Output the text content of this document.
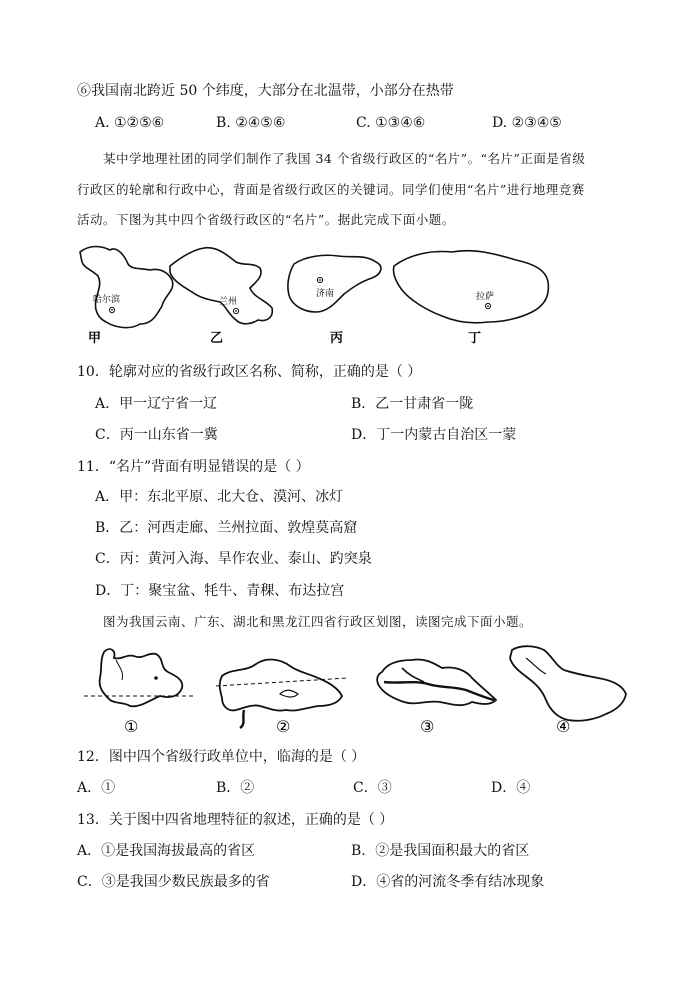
⑥我国南北跨近 50 个纬度，大部分在北温带，小部分在热带
A. ①②⑤⑥	B. ②④⑤⑥	C. ①③④⑥	D. ②③④⑤
某中学地理社团的同学们制作了我国 34 个省级行政区的“名片”。“名片”正面是省级
行政区的轮廓和行政中心，背面是省级行政区的关键词。同学们使用“名片”进行地理竞赛
活动。下图为其中四个省级行政区的“名片”。据此完成下面小题。
哈尔滨
甲
兰州
乙
济南
丙
拉萨
丁
10．轮廓对应的省级行政区名称、简称，正确的是（ ）
A．甲一辽宁省一辽	B．乙一甘肃省一陇
C．丙一山东省一冀	D．丁一内蒙古自治区一蒙
11．“名片”背面有明显错误的是（ ）
A．甲：东北平原、北大仓、漠河、冰灯
B．乙：河西走廊、兰州拉面、敦煌莫高窟
C．丙：黄河入海、旱作农业、泰山、趵突泉
D．丁：聚宝盆、牦牛、青稞、布达拉宫
图为我国云南、广东、湖北和黑龙江四省行政区划图，读图完成下面小题。
①	②	③	④
12．图中四个省级行政单位中，临海的是（ ）
A．①	B．②	C．③	D．④
13．关于图中四省地理特征的叙述，正确的是（ ）
A．①是我国海拔最高的省区	B．②是我国面积最大的省区
C．③是我国少数民族最多的省	D．④省的河流冬季有结冰现象
